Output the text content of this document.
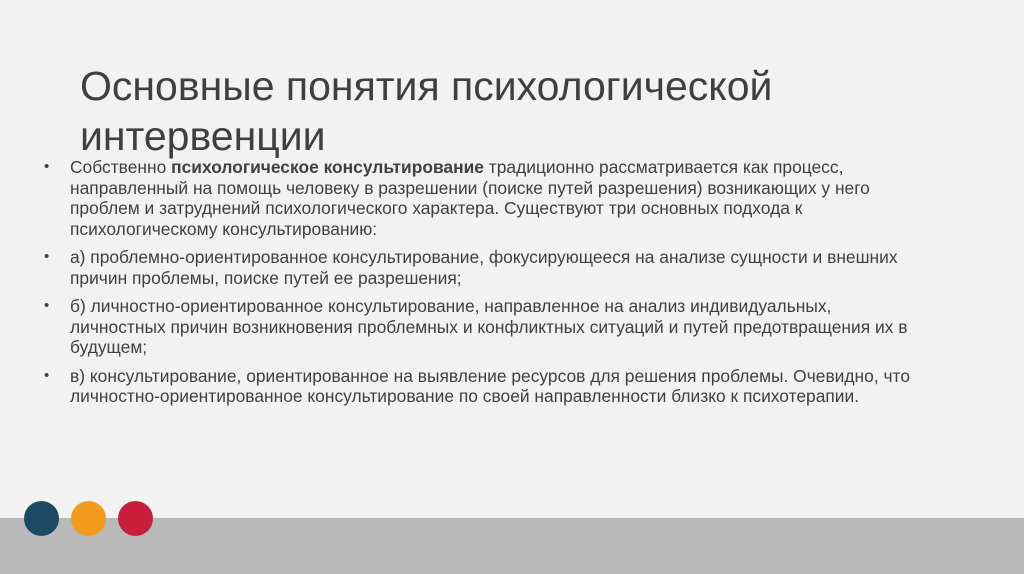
Основные понятия психологической
интервенции
• Собственно психологическое консультирование традиционно рассматривается как процесс, направленный на помощь человеку в разрешении (поиске путей разрешения) возникающих у него проблем и затруднений психологического характера. Существуют три основных подхода к психологическому консультированию:
• а) проблемно-ориентированное консультирование, фокусирующееся на анализе сущности и внешних причин проблемы, поиске путей ее разрешения;
• б) личностно-ориентированное консультирование, направленное на анализ индивидуальных, личностных причин возникновения проблемных и конфликтных ситуаций и путей предотвращения их в будущем;
• в) консультирование, ориентированное на выявление ресурсов для решения проблемы. Очевидно, что личностно-ориентированное консультирование по своей направленности близко к психотерапии.
